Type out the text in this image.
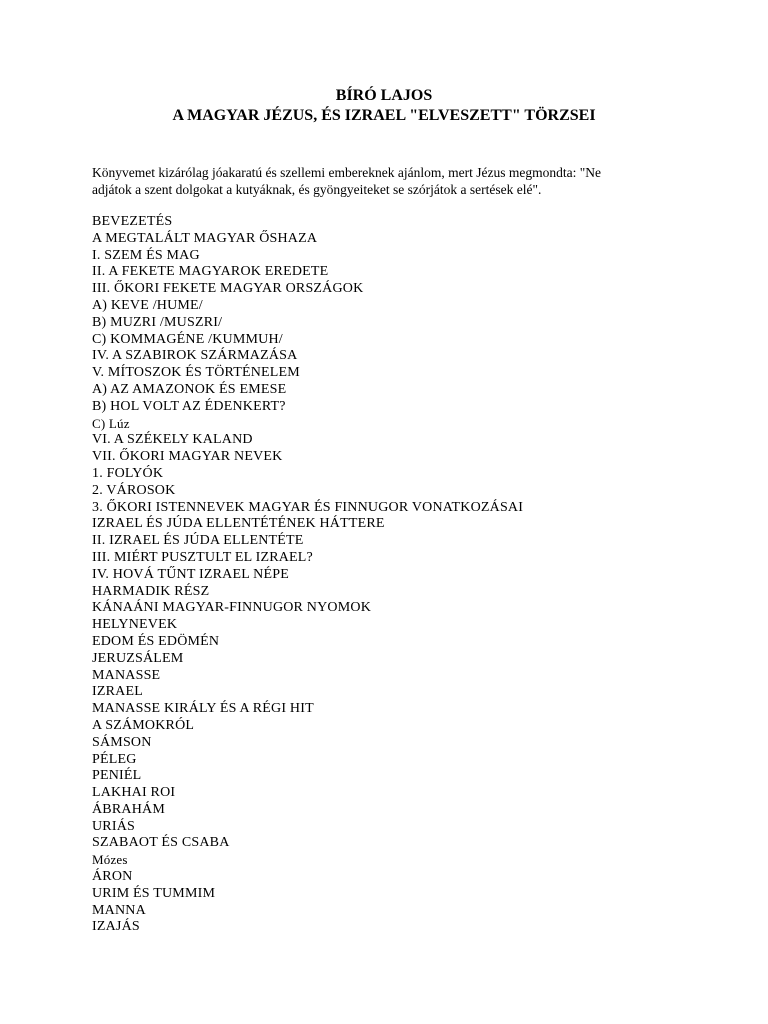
BÍRÓ LAJOS
A MAGYAR JÉZUS, ÉS IZRAEL "ELVESZETT" TÖRZSEI
Könyvemet kizárólag jóakaratú és szellemi embereknek ajánlom, mert Jézus megmondta: "Ne
adjátok a szent dolgokat a kutyáknak, és gyöngyeiteket se szórjátok a sertések elé".
BEVEZETÉS
A MEGTALÁLT MAGYAR ŐSHAZA
I. SZEM ÉS MAG
II. A FEKETE MAGYAROK EREDETE
III. ŐKORI FEKETE MAGYAR ORSZÁGOK
A) KEVE /HUME/
B) MUZRI /MUSZRI/
C) KOMMAGÉNE /KUMMUH/
IV. A SZABIROK SZÁRMAZÁSA
V. MÍTOSZOK ÉS TÖRTÉNELEM
A) AZ AMAZONOK ÉS EMESE
B) HOL VOLT AZ ÉDENKERT?
C) Lúz
VI. A SZÉKELY KALAND
VII. ŐKORI MAGYAR NEVEK
1. FOLYÓK
2. VÁROSOK
3. ŐKORI ISTENNEVEK MAGYAR ÉS FINNUGOR VONATKOZÁSAI
IZRAEL ÉS JÚDA ELLENTÉTÉNEK HÁTTERE
II. IZRAEL ÉS JÚDA ELLENTÉTE
III. MIÉRT PUSZTULT EL IZRAEL?
IV. HOVÁ TŰNT IZRAEL NÉPE
HARMADIK RÉSZ
KÁNAÁNI MAGYAR-FINNUGOR NYOMOK
HELYNEVEK
EDOM ÉS EDÖMÉN
JERUZSÁLEM
MANASSE
IZRAEL
MANASSE KIRÁLY ÉS A RÉGI HIT
A SZÁMOKRÓL
SÁMSON
PÉLEG
PENIÉL
LAKHAI ROI
ÁBRAHÁM
URIÁS
SZABAOT ÉS CSABA
Mózes
ÁRON
URIM ÉS TUMMIM
MANNA
IZAJÁS
